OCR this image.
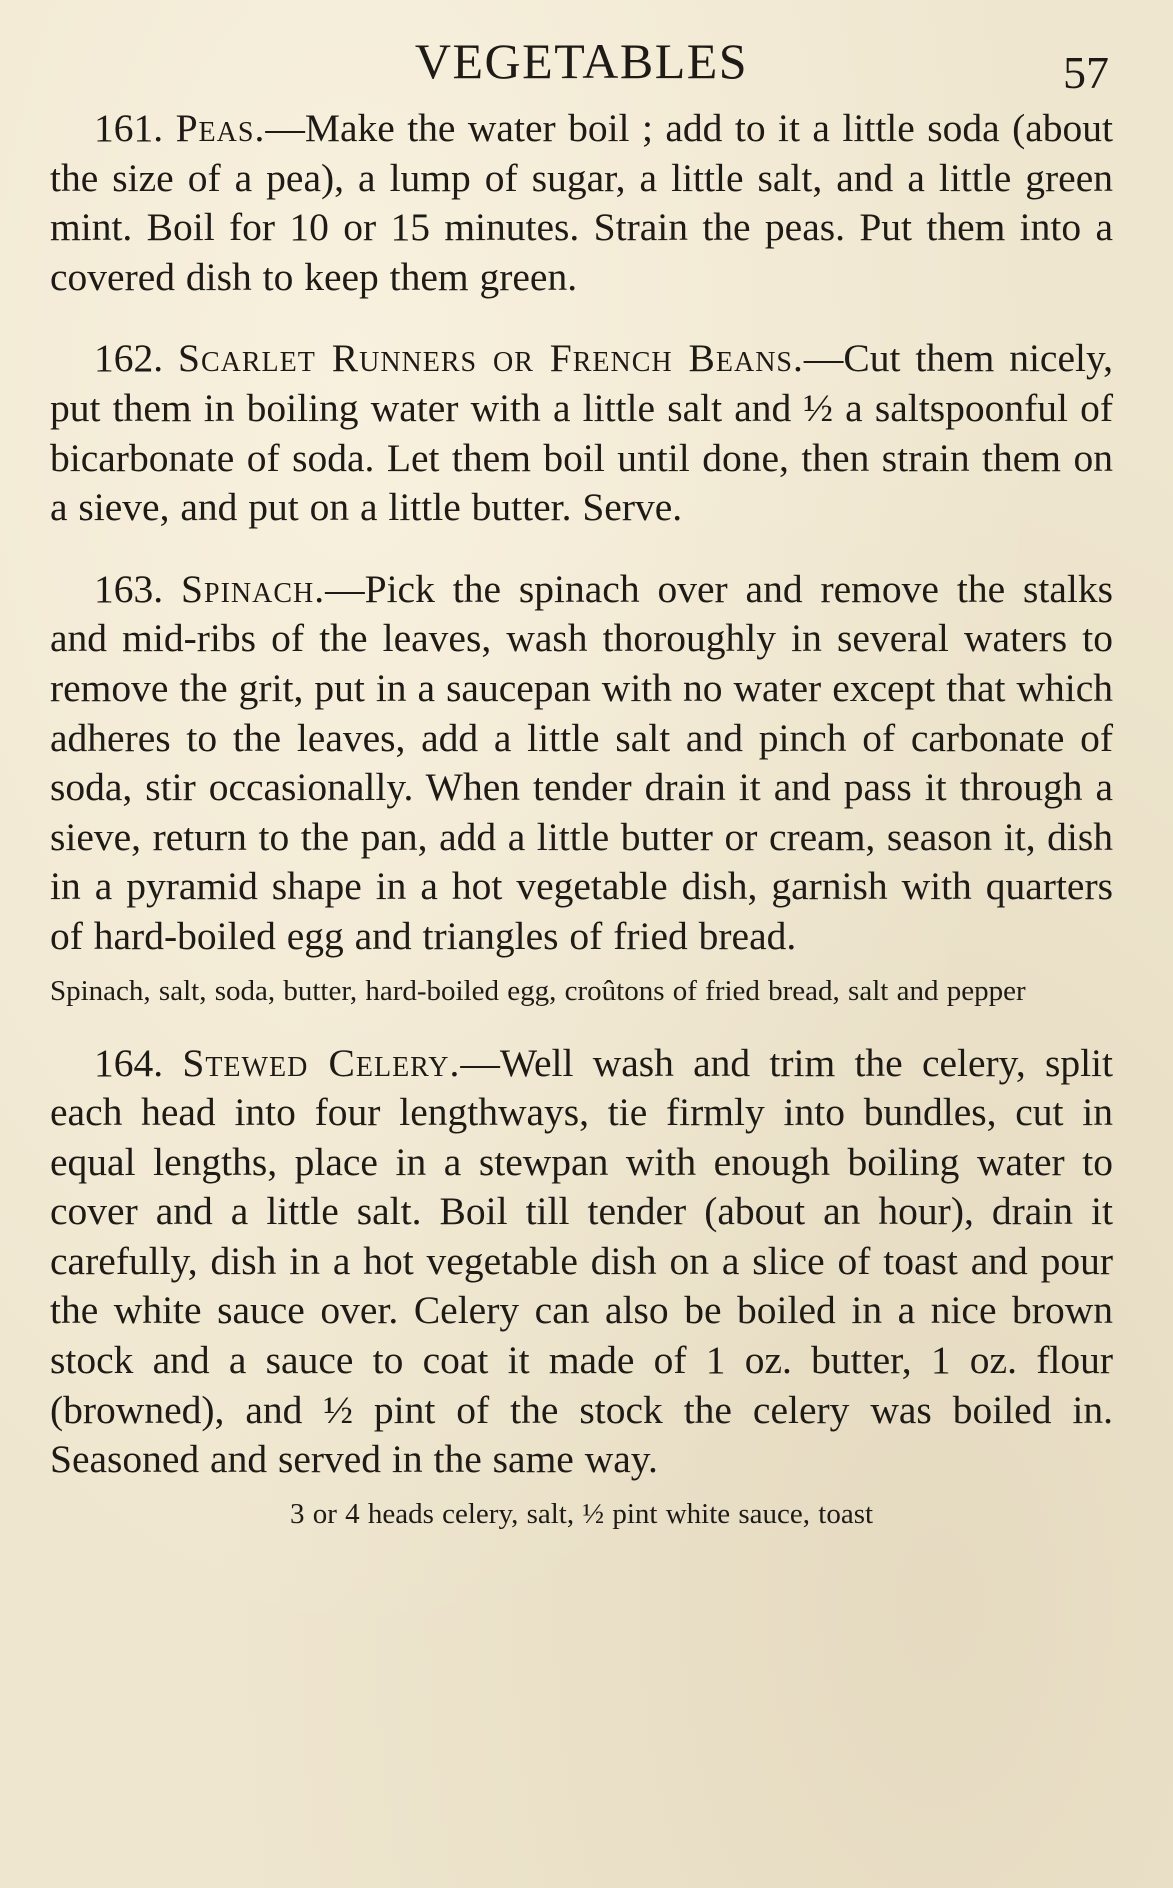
VEGETABLES	57

161. Peas.—Make the water boil ; add to it a little soda (about the size of a pea), a lump of sugar, a little salt, and a little green mint. Boil for 10 or 15 minutes. Strain the peas. Put them into a covered dish to keep them green.

162. Scarlet Runners or French Beans.—Cut them nicely, put them in boiling water with a little salt and ½ a saltspoonful of bicarbonate of soda. Let them boil until done, then strain them on a sieve, and put on a little butter. Serve.

163. Spinach.—Pick the spinach over and remove the stalks and mid-ribs of the leaves, wash thoroughly in several waters to remove the grit, put in a saucepan with no water except that which adheres to the leaves, add a little salt and pinch of carbonate of soda, stir occasionally. When tender drain it and pass it through a sieve, return to the pan, add a little butter or cream, season it, dish in a pyramid shape in a hot vegetable dish, garnish with quarters of hard-boiled egg and triangles of fried bread.

Spinach, salt, soda, butter, hard-boiled egg, croûtons of fried bread, salt and pepper

164. Stewed Celery.—Well wash and trim the celery, split each head into four lengthways, tie firmly into bundles, cut in equal lengths, place in a stewpan with enough boiling water to cover and a little salt. Boil till tender (about an hour), drain it carefully, dish in a hot vegetable dish on a slice of toast and pour the white sauce over. Celery can also be boiled in a nice brown stock and a sauce to coat it made of 1 oz. butter, 1 oz. flour (browned), and ½ pint of the stock the celery was boiled in. Seasoned and served in the same way.

3 or 4 heads celery, salt, ½ pint white sauce, toast
